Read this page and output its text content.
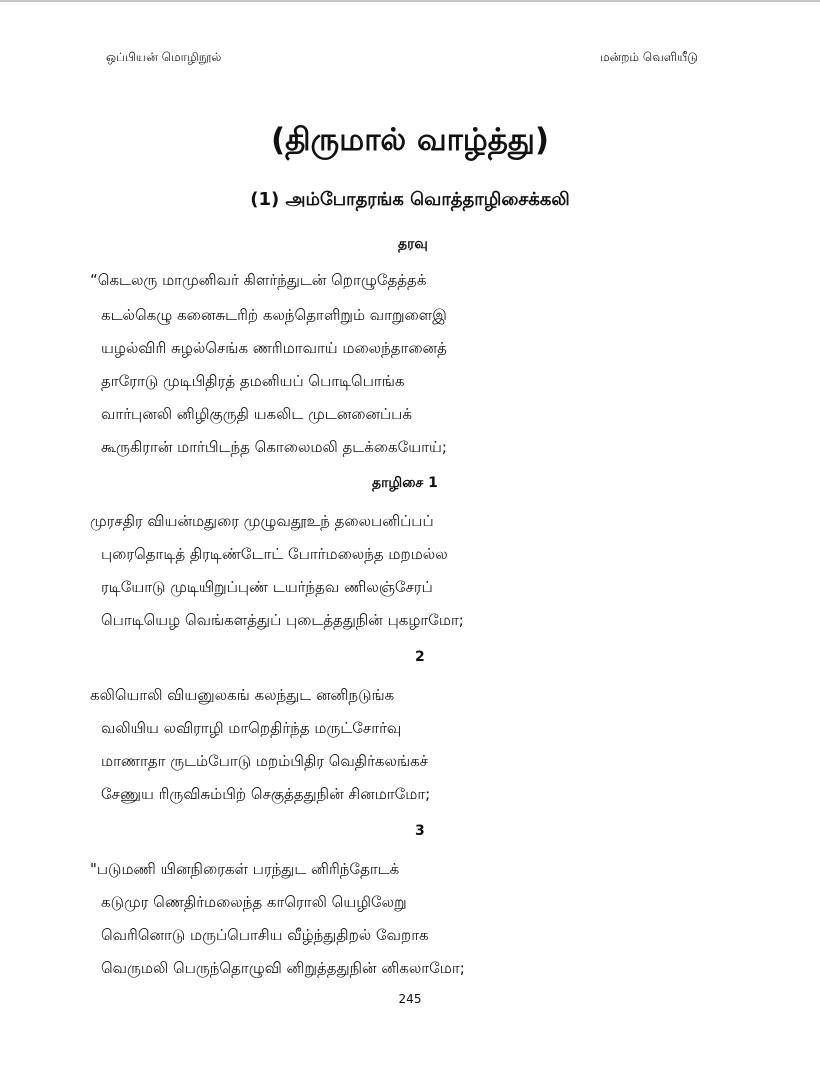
ஒப்பியன் மொழிநூல்	மன்றம் வெளியீடு
(திருமால் வாழ்த்து)
(1) அம்போதரங்க வொத்தாழிசைக்கலி
தரவு
“கெடலரு மாமுனிவர் கிளர்ந்துடன் றொழுதேத்தக்
கடல்கெழு கனைசுடரிற் கலந்தொளிறும் வாறுளைஇ
யழல்விரி சுழல்செங்க ணரிமாவாய் மலைந்தானைத்
தாரோடு முடிபிதிரத் தமனியப் பொடிபொங்க
வார்புனலி னிழிகுருதி யகலிட முடனனைப்பக்
கூருகிரான் மார்பிடந்த கொலைமலி தடக்கையோய்;
தாழிசை 1
முரசதிர வியன்மதுரை முழுவதூஉந் தலைபனிப்பப்
புரைதொடித் திரடிண்டோட் போர்மலைந்த மறமல்ல
ரடியோடு முடியிறுப்புண் டயர்ந்தவ ணிலஞ்சேரப்
பொடியெழ வெங்களத்துப் புடைத்ததுநின் புகழாமோ;
2
கலியொலி வியனுலகங் கலந்துட னனிநடுங்க
வலியிய லவிராழி மாறெதிர்ந்த மருட்சோர்வு
மாணாதா ருடம்போடு மறம்பிதிர வெதிர்கலங்கச்
சேணுய ரிருவிசும்பிற் செகுத்ததுநின் சினமாமோ;
3
"படுமணி யினநிரைகள் பரந்துட னிரிந்தோடக்
கடுமுர ணெதிர்மலைந்த காரொலி யெழிலேறு
வெரினொடு மருப்பொசிய வீழ்ந்துதிறல் வேறாக
வெருமலி பெருந்தொழுவி னிறுத்ததுநின் னிகலாமோ;
245
